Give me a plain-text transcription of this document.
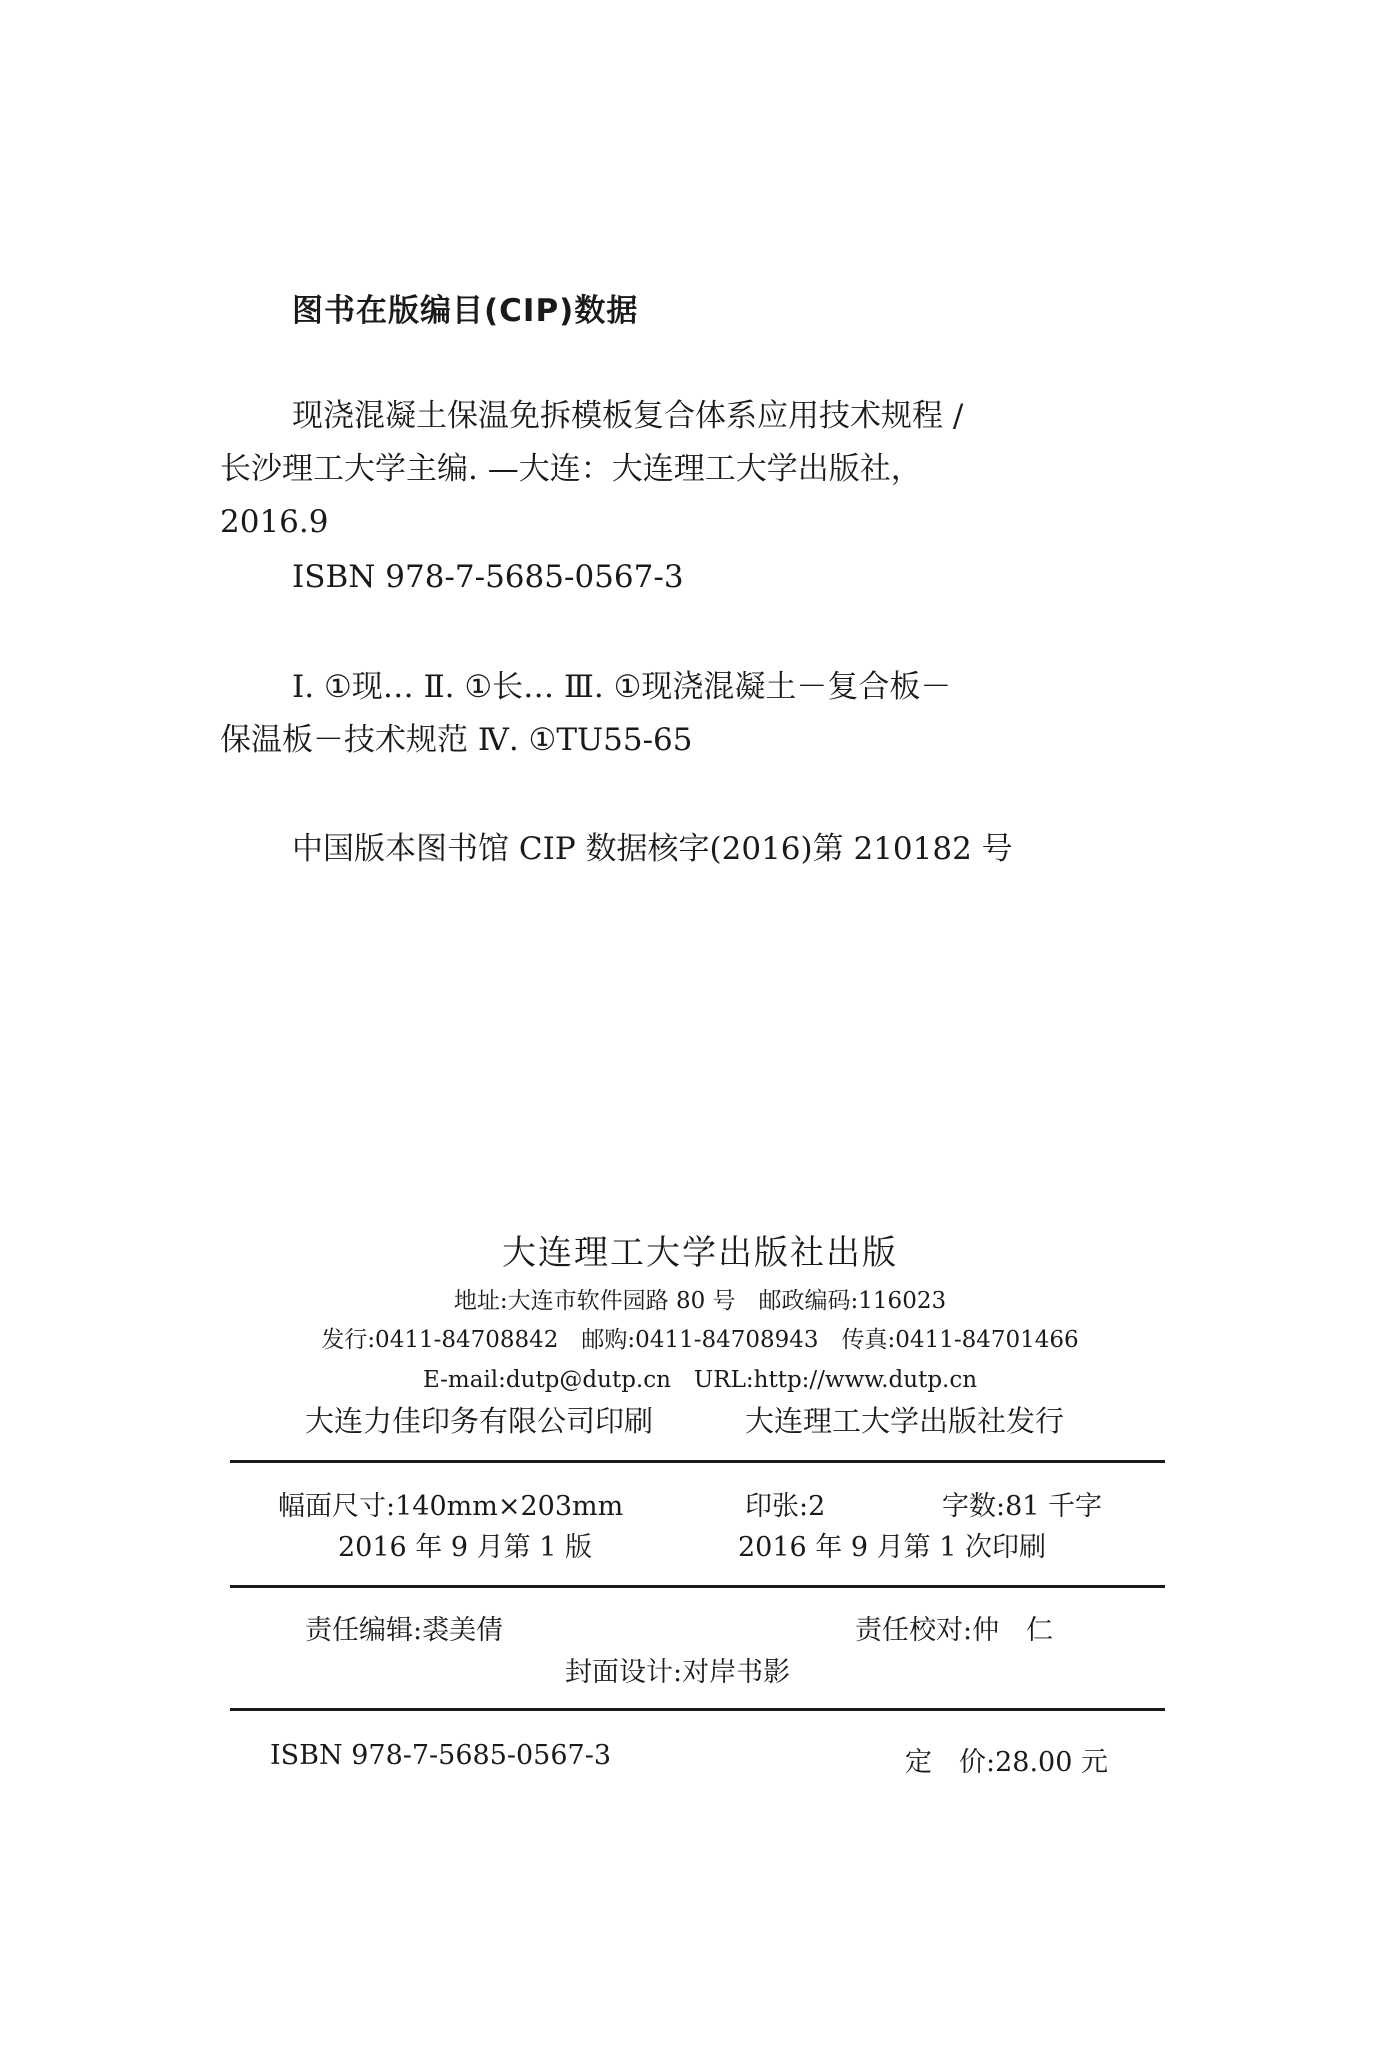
图书在版编目(CIP)数据
现浇混凝土保温免拆模板复合体系应用技术规程 /
长沙理工大学主编. —大连：大连理工大学出版社，
2016.9
ISBN 978-7-5685-0567-3
Ⅰ. ①现… Ⅱ. ①长… Ⅲ. ①现浇混凝土－复合板－
保温板－技术规范 Ⅳ. ①TU55-65
中国版本图书馆 CIP 数据核字(2016)第 210182 号
大连理工大学出版社出版
地址:大连市软件园路 80 号　邮政编码:116023
发行:0411-84708842　邮购:0411-84708943　传真:0411-84701466
E-mail:dutp@dutp.cn　URL:http://www.dutp.cn
大连力佳印务有限公司印刷	大连理工大学出版社发行
幅面尺寸:140mm×203mm	印张:2	字数:81 千字
2016 年 9 月第 1 版	2016 年 9 月第 1 次印刷
责任编辑:裘美倩	责任校对:仲　仁
封面设计:对岸书影
ISBN 978-7-5685-0567-3	定　价:28.00 元
